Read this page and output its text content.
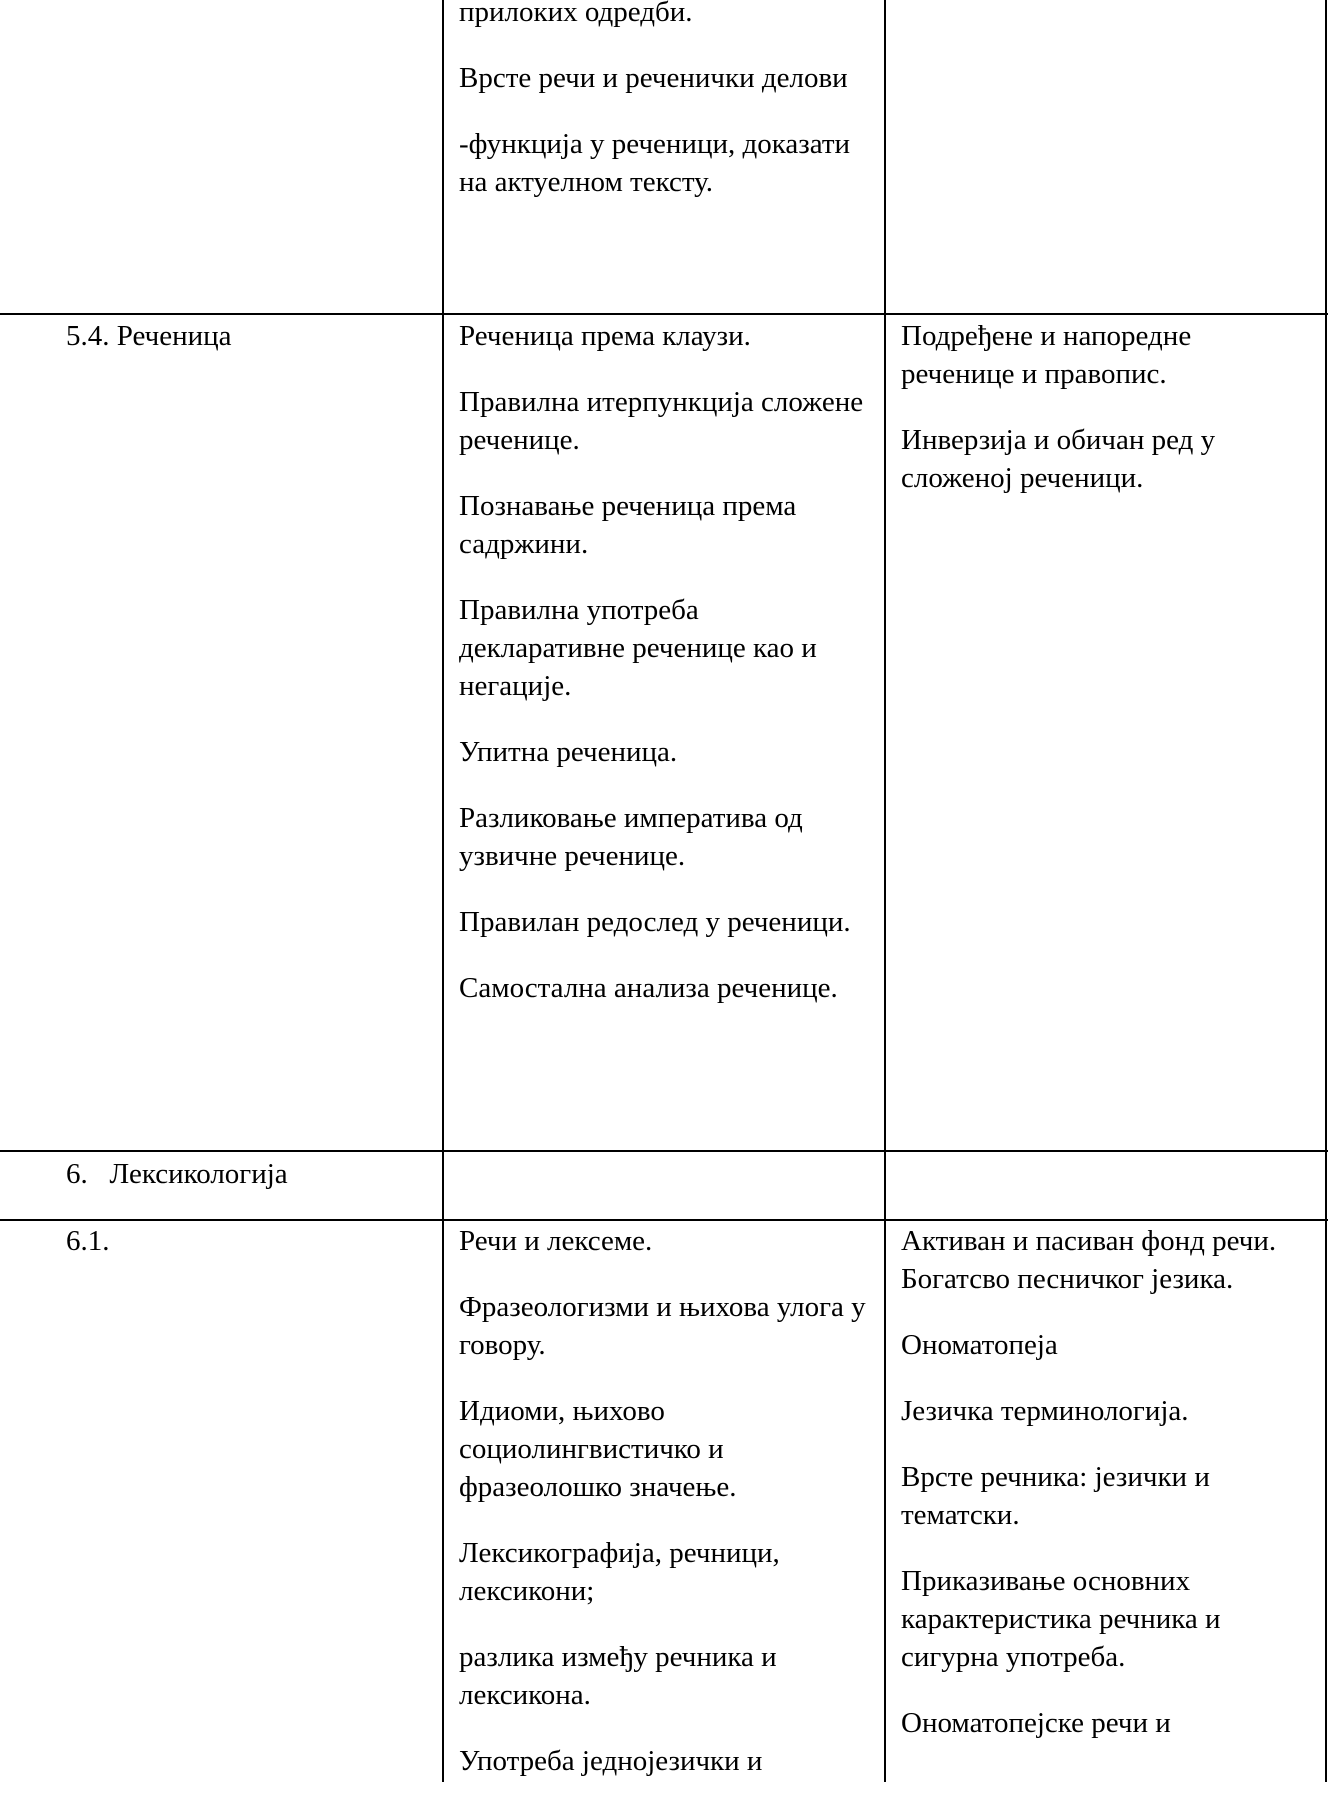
прилоких одредби.

Врсте речи и реченички делови

-функција у реченици, доказати на актуелном тексту.

5.4. Реченица	Реченица према клаузи.

Правилна итерпункција сложене реченице.

Познавање реченица према садржини.

Правилна употреба декларативне реченице као и негације.

Упитна реченица.

Разликовање императива од узвичне реченице.

Правилан редослед у реченици.

Самостална анализа реченице.

Подређене и напоредне реченице и правопис.

Инверзија и обичан ред у сложеној реченици.

6.   Лексикологија
6.1.	Речи и лексеме.

Фразеологизми и њихова улога у говору.

Идиоми, њихово социолингвистичко и фразеолошко значење.

Лексикографија, речници, лексикони;

разлика између речника и лексикона.

Употреба једнојезички и

Активан и пасиван фонд речи. Богатсво песничког језика.

Ономатопеја

Језичка терминологија.

Врсте речника: језички и тематски.

Приказивање основних карактеристика речника и сигурна употреба.

Ономатопејске речи и
